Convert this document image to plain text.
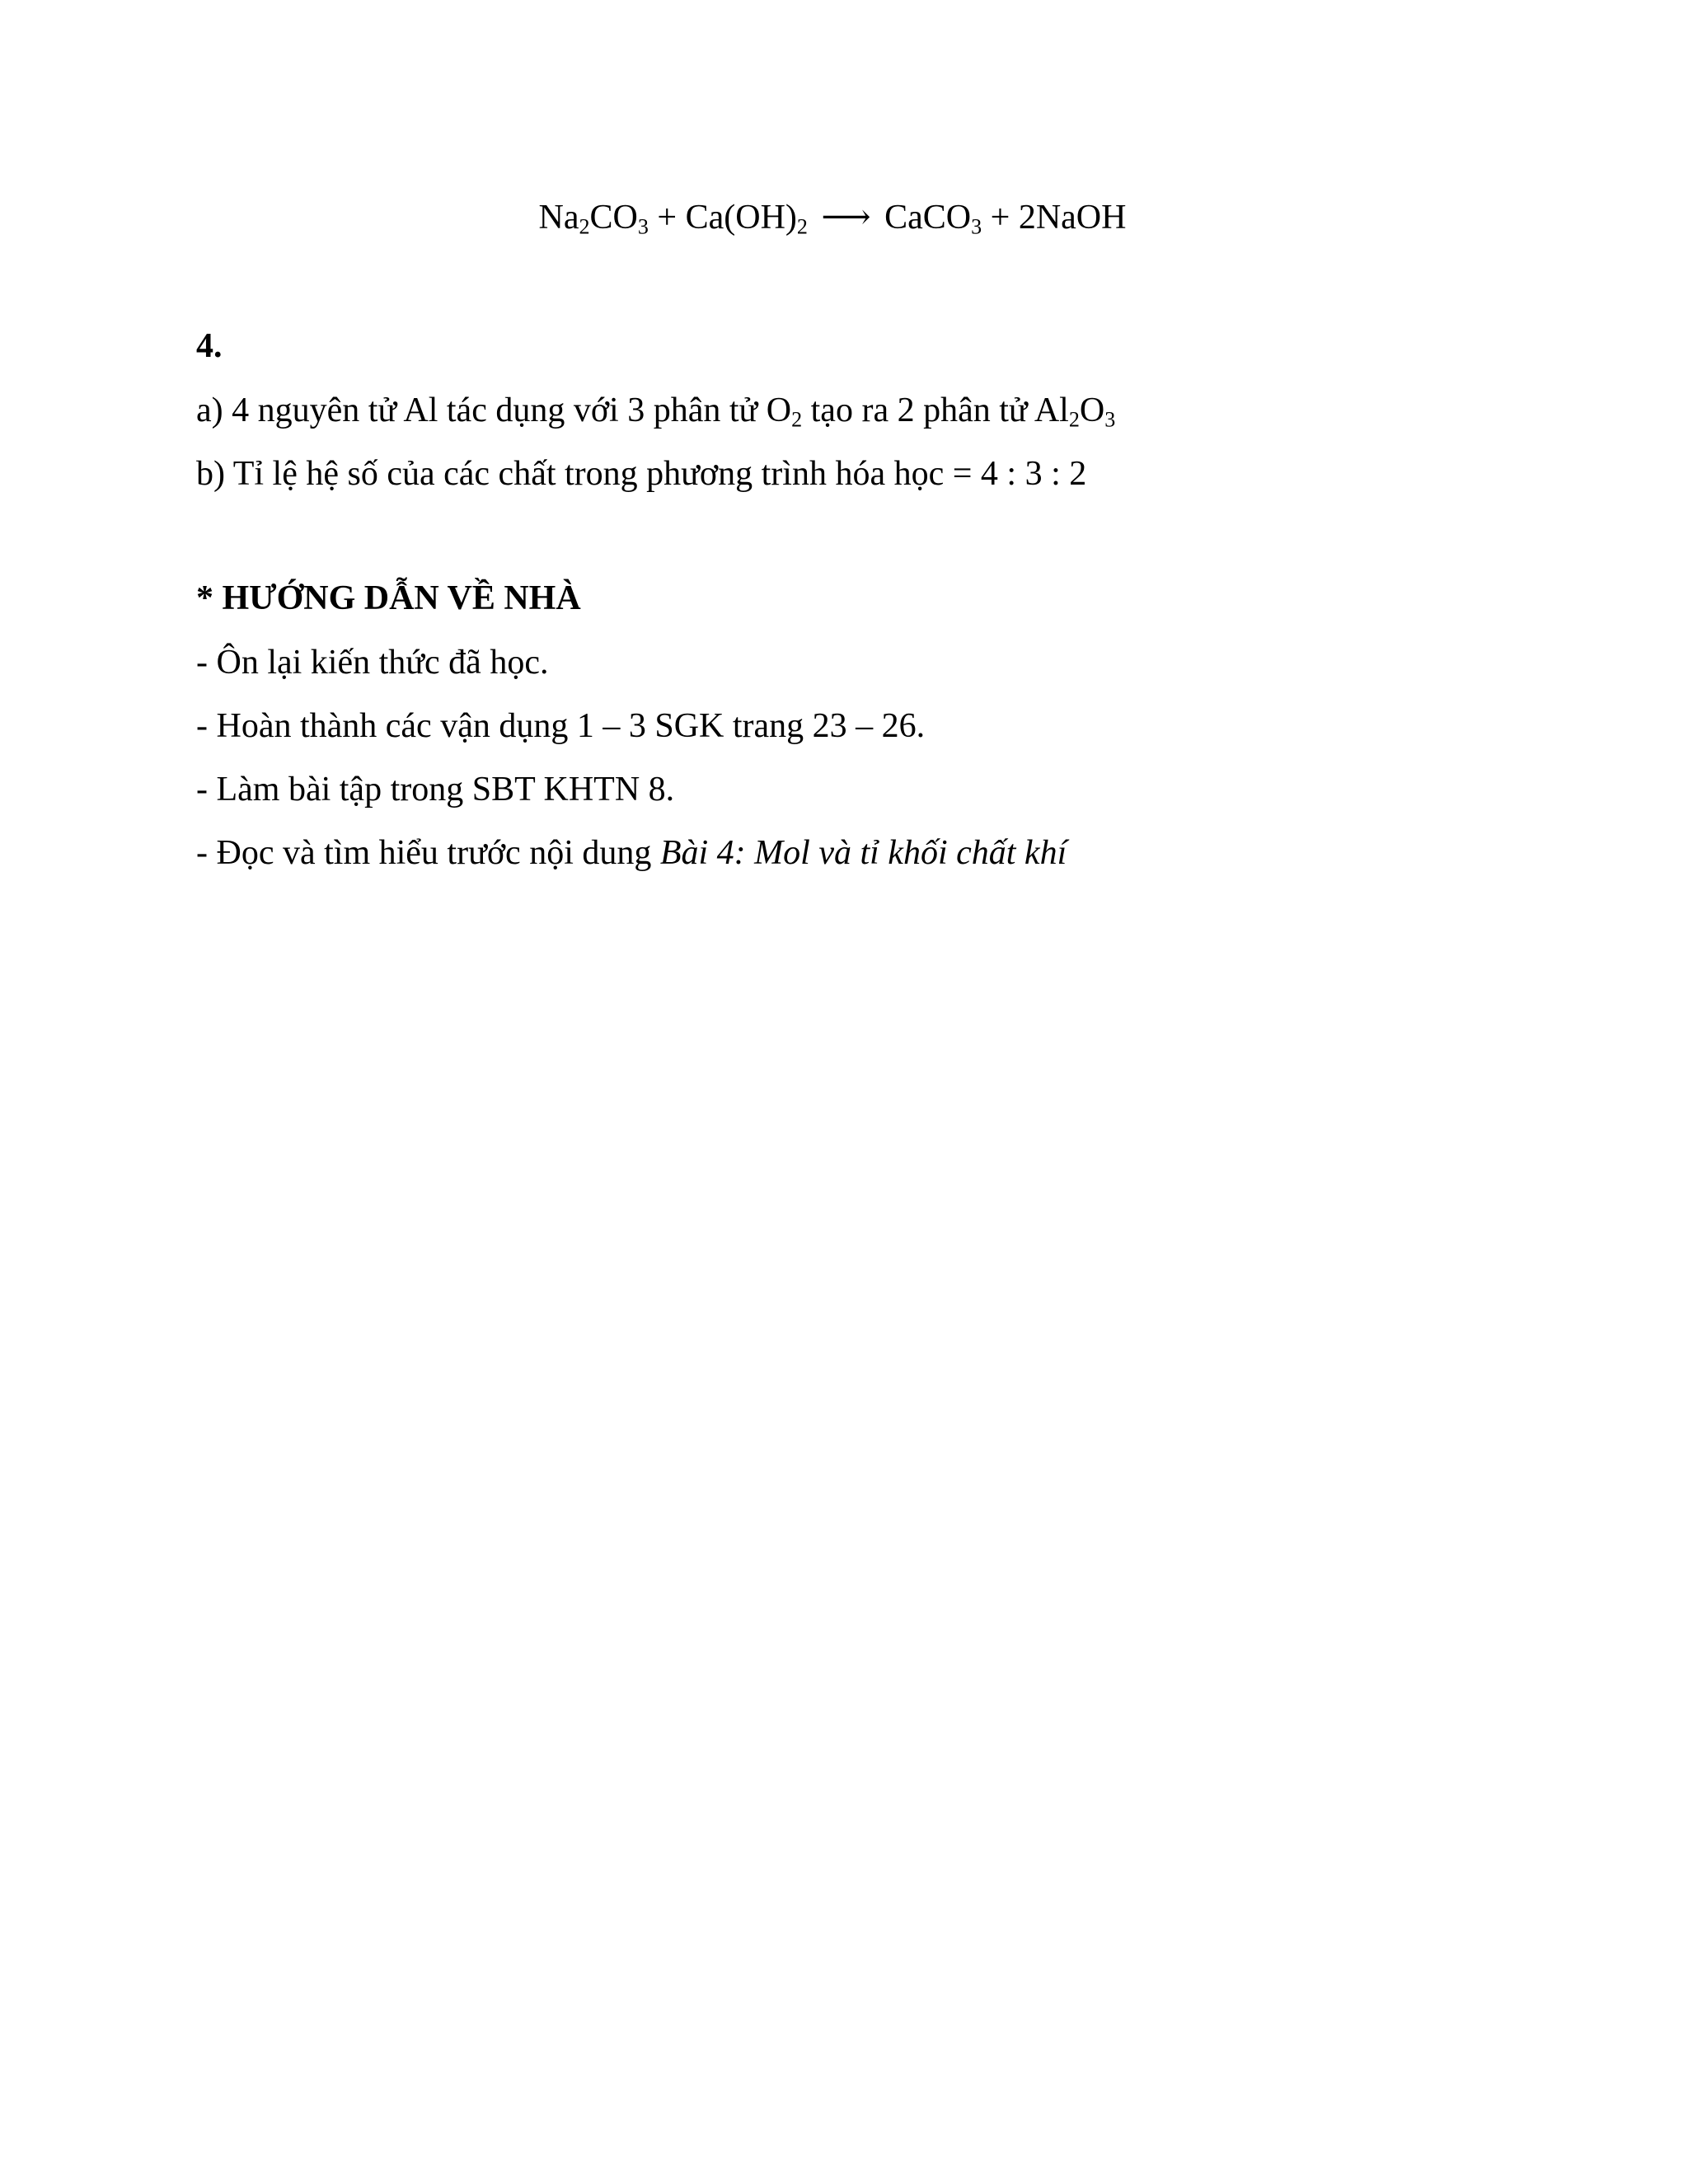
$Na_2CO_3 + Ca(OH)_2$ ⟶ CaCO$_3$ + 2NaOH
4.
a) 4 nguyên tử Al tác dụng với 3 phân tử $O_2$ tạo ra 2 phân tử $Al_2O_3$
b) Tỉ lệ hệ số của các chất trong phương trình hóa học = 4 : 3 : 2
* HƯỚNG DẪN VỀ NHÀ
- Ôn lại kiến thức đã học.
- Hoàn thành các vận dụng 1 – 3 SGK trang 23 – 26.
- Làm bài tập trong SBT KHTN 8.
- Đọc và tìm hiểu trước nội dung Bài 4: Mol và tỉ khối chất khí
